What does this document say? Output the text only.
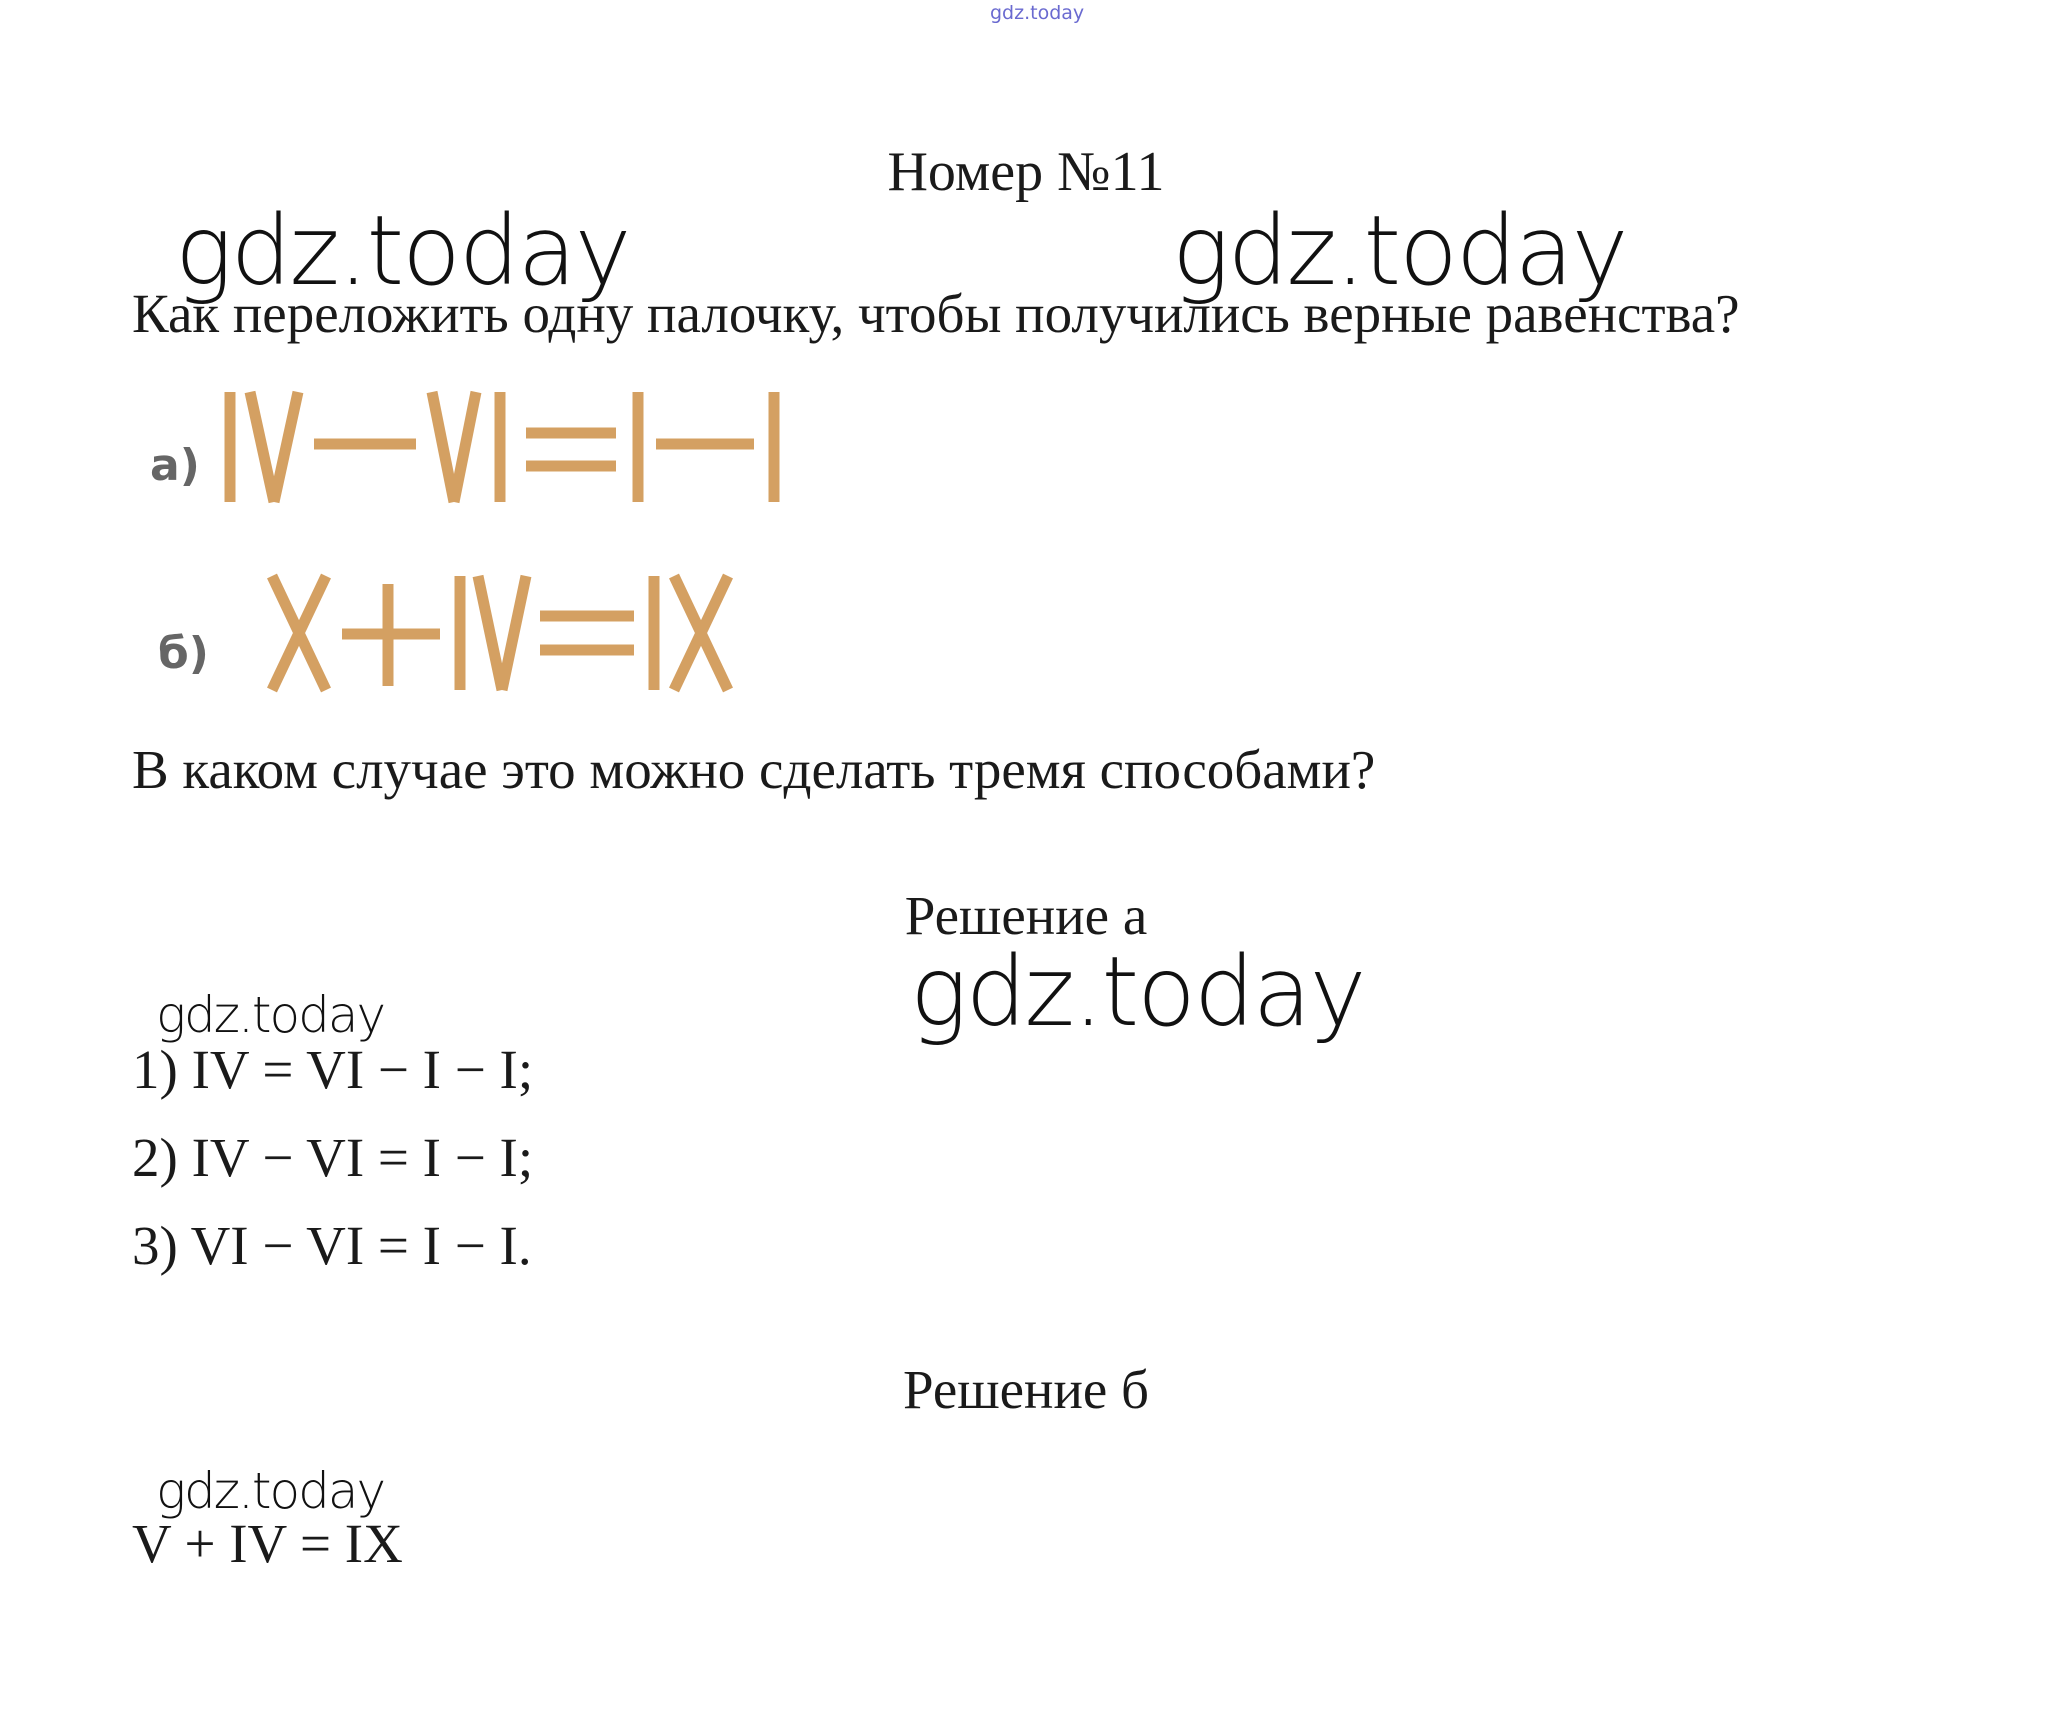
gdz.today
Номер №11
gdz.today	gdz.today
Как переложить одну палочку, чтобы получились верные равенства?
а)
б)
В каком случае это можно сделать тремя способами?
Решение а
gdz.today
gdz.today
1) IV = VI − I − I;
2) IV − VI = I − I;
3) VI − VI = I − I.
Решение б
gdz.today
V + IV = IX
